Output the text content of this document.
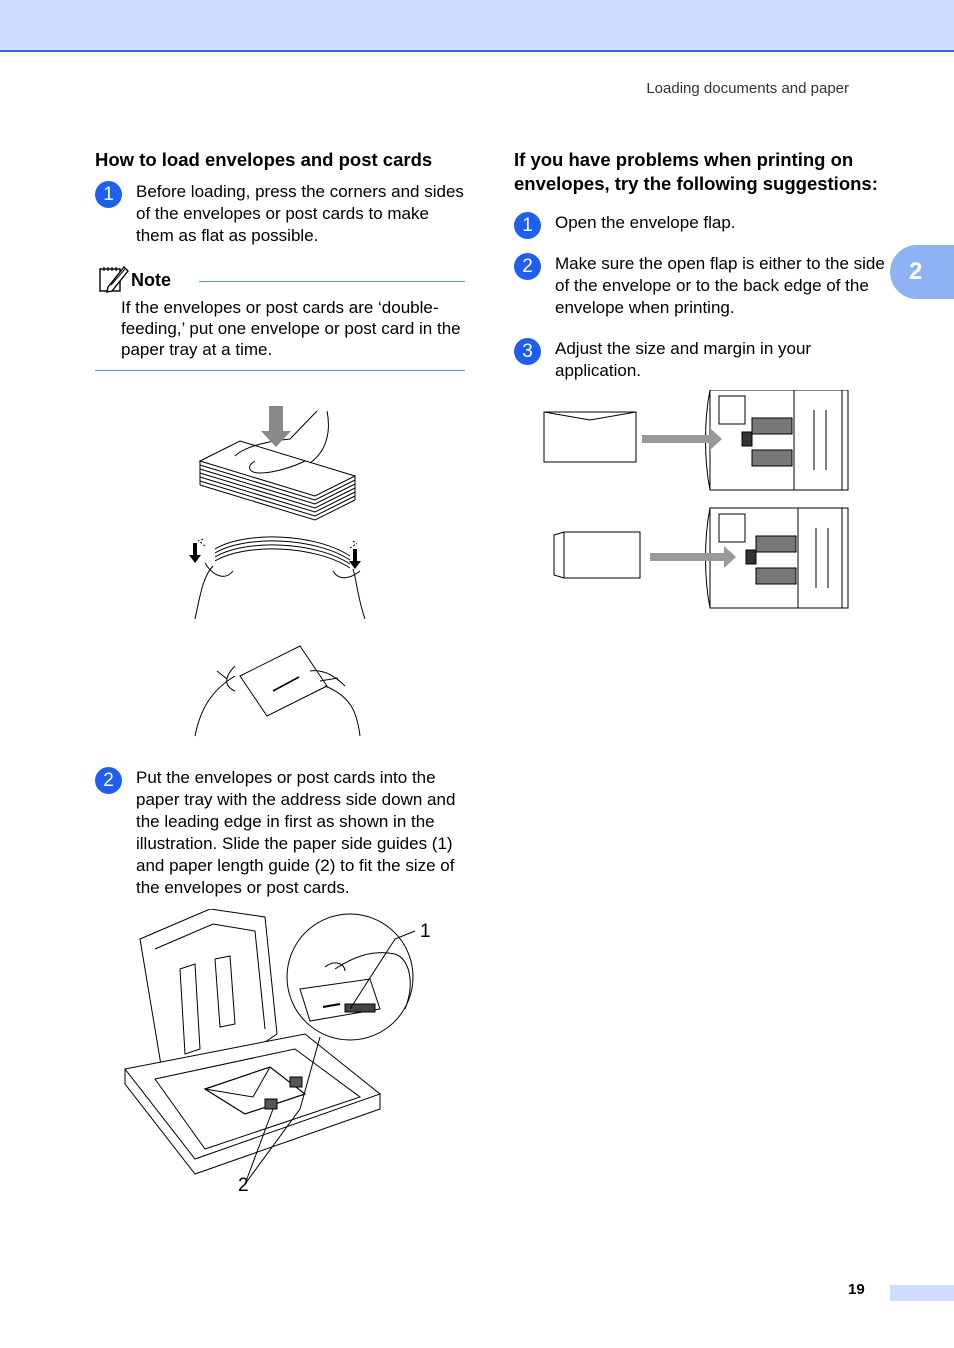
Loading documents and paper
2
How to load envelopes and post cards
1	Before loading, press the corners and sides of the envelopes or post cards to make them as flat as possible.
Note
If the envelopes or post cards are ‘double-feeding,’ put one envelope or post card in the paper tray at a time.
2	Put the envelopes or post cards into the paper tray with the address side down and the leading edge in first as shown in the illustration. Slide the paper side guides (1) and paper length guide (2) to fit the size of the envelopes or post cards.
1
2
If you have problems when printing on envelopes, try the following suggestions:
1	Open the envelope flap.
2	Make sure the open flap is either to the side of the envelope or to the back edge of the envelope when printing.
3	Adjust the size and margin in your application.
19
